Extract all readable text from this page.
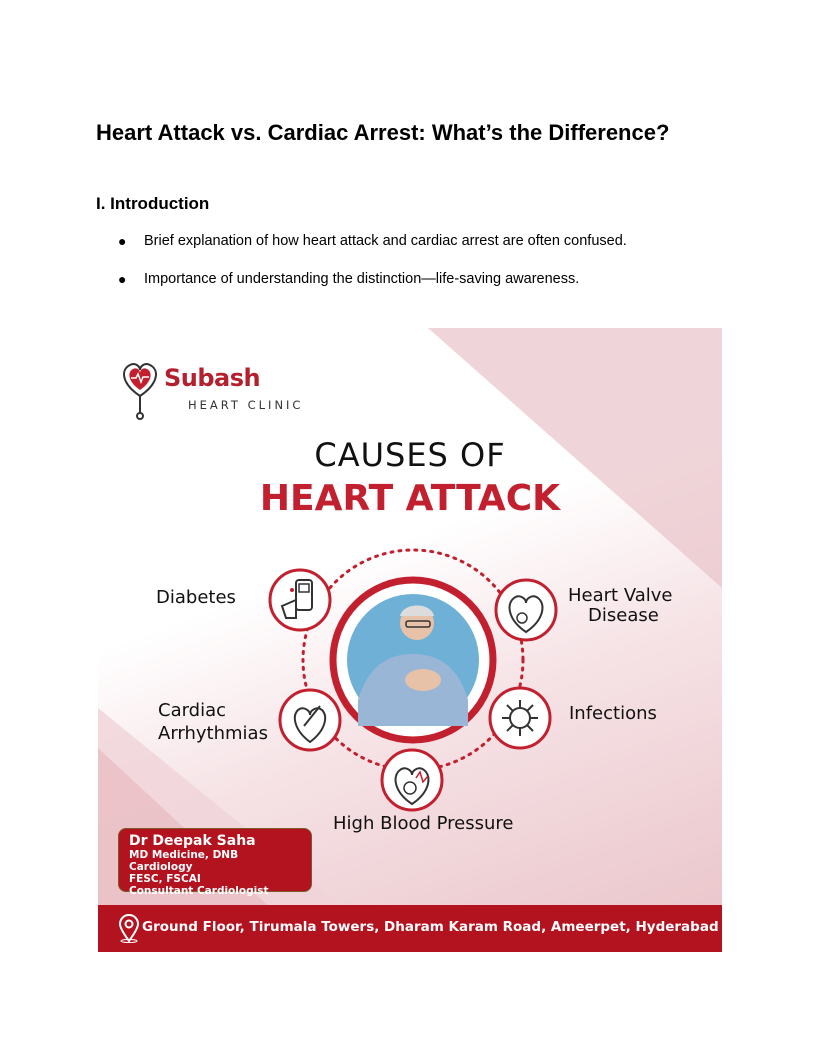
Heart Attack vs. Cardiac Arrest: What’s the Difference?
I. Introduction
● Brief explanation of how heart attack and cardiac arrest are often confused.
● Importance of understanding the distinction—life-saving awareness.
Subash
HEART CLINIC
CAUSES OF
HEART ATTACK
Diabetes	Heart Valve
Disease
Cardiac
Arrhythmias
Infections
High Blood Pressure
Dr Deepak Saha
MD Medicine, DNB Cardiology
FESC, FSCAI
Consultant Cardiologist
Ground Floor, Tirumala Towers, Dharam Karam Road, Ameerpet, Hyderabad - 500016
